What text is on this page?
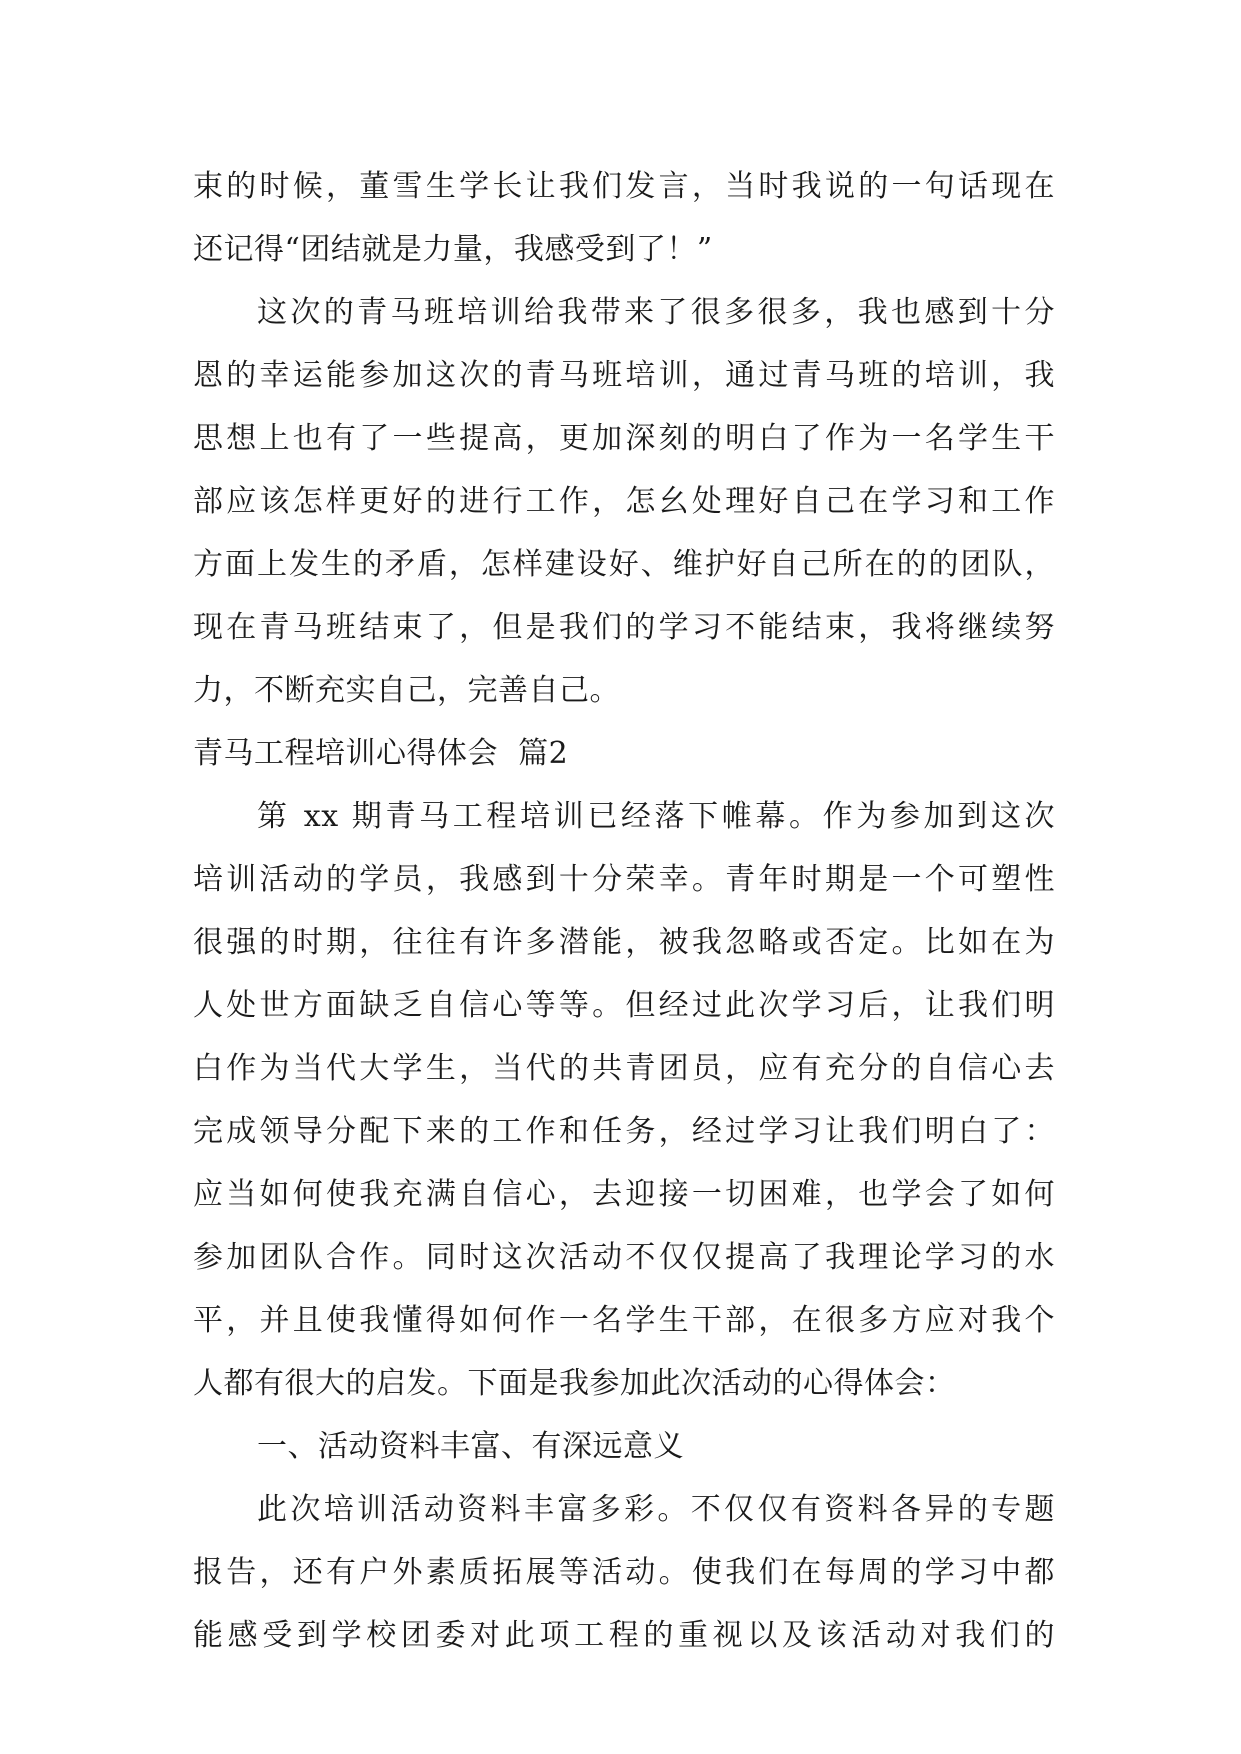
束的时候，董雪生学长让我们发言，当时我说的一句话现在
还记得“团结就是力量，我感受到了！”
这次的青马班培训给我带来了很多很多，我也感到十分
恩的幸运能参加这次的青马班培训，通过青马班的培训，我
思想上也有了一些提高，更加深刻的明白了作为一名学生干
部应该怎样更好的进行工作，怎幺处理好自己在学习和工作
方面上发生的矛盾，怎样建设好、维护好自己所在的的团队，
现在青马班结束了，但是我们的学习不能结束，我将继续努
力，不断充实自己，完善自己。
青马工程培训心得体会  篇2
第 xx 期青马工程培训已经落下帷幕。作为参加到这次
培训活动的学员，我感到十分荣幸。青年时期是一个可塑性
很强的时期，往往有许多潜能，被我忽略或否定。比如在为
人处世方面缺乏自信心等等。但经过此次学习后，让我们明
白作为当代大学生，当代的共青团员，应有充分的自信心去
完成领导分配下来的工作和任务，经过学习让我们明白了：
应当如何使我充满自信心，去迎接一切困难，也学会了如何
参加团队合作。同时这次活动不仅仅提高了我理论学习的水
平，并且使我懂得如何作一名学生干部，在很多方应对我个
人都有很大的启发。下面是我参加此次活动的心得体会：
一、活动资料丰富、有深远意义
此次培训活动资料丰富多彩。不仅仅有资料各异的专题
报告，还有户外素质拓展等活动。使我们在每周的学习中都
能感受到学校团委对此项工程的重视以及该活动对我们的
